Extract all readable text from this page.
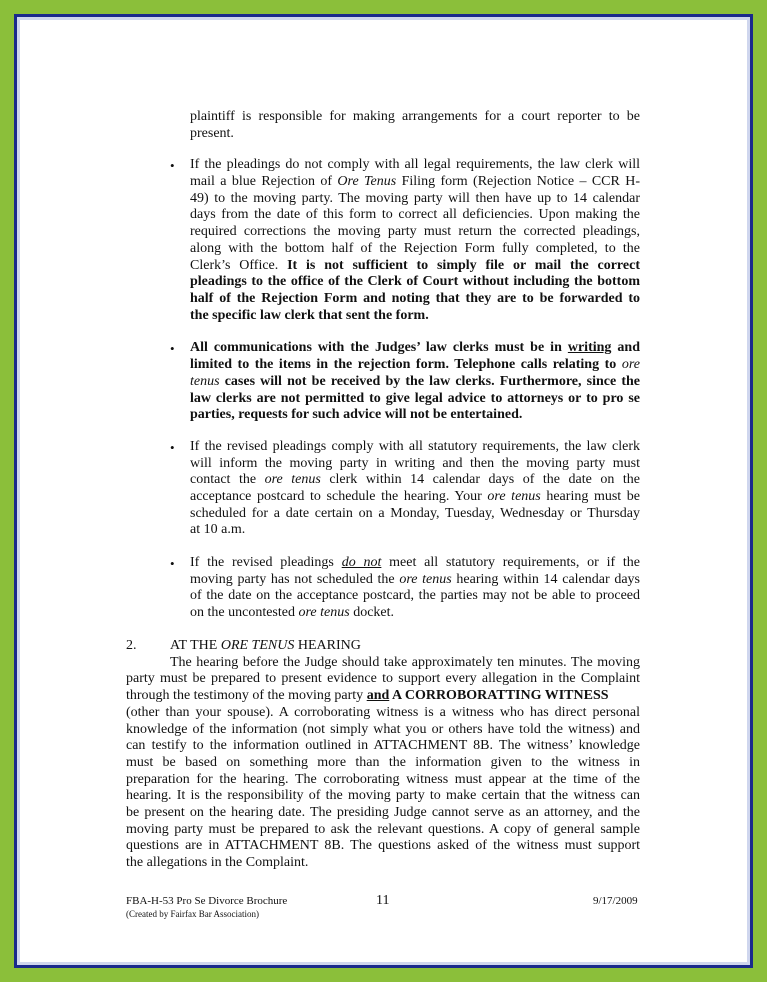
plaintiff is responsible for making arrangements for a court reporter to be
present.
• If the pleadings do not comply with all legal requirements, the law clerk will
mail a blue Rejection of Ore Tenus Filing form (Rejection Notice – CCR H-
49) to the moving party. The moving party will then have up to 14 calendar
days from the date of this form to correct all deficiencies. Upon making the
required corrections the moving party must return the corrected pleadings,
along with the bottom half of the Rejection Form fully completed, to the
Clerk’s Office. It is not sufficient to simply file or mail the correct
pleadings to the office of the Clerk of Court without including the bottom
half of the Rejection Form and noting that they are to be forwarded to
the specific law clerk that sent the form.
• All communications with the Judges’ law clerks must be in writing and
limited to the items in the rejection form. Telephone calls relating to ore
tenus cases will not be received by the law clerks. Furthermore, since the
law clerks are not permitted to give legal advice to attorneys or to pro se
parties, requests for such advice will not be entertained.
• If the revised pleadings comply with all statutory requirements, the law clerk
will inform the moving party in writing and then the moving party must
contact the ore tenus clerk within 14 calendar days of the date on the
acceptance postcard to schedule the hearing. Your ore tenus hearing must be
scheduled for a date certain on a Monday, Tuesday, Wednesday or Thursday
at 10 a.m.
• If the revised pleadings do not meet all statutory requirements, or if the
moving party has not scheduled the ore tenus hearing within 14 calendar days
of the date on the acceptance postcard, the parties may not be able to proceed
on the uncontested ore tenus docket.
2. AT THE ORE TENUS HEARING
The hearing before the Judge should take approximately ten minutes. The moving
party must be prepared to present evidence to support every allegation in the Complaint
through the testimony of the moving party and A CORROBORATTING WITNESS
(other than your spouse). A corroborating witness is a witness who has direct personal
knowledge of the information (not simply what you or others have told the witness) and
can testify to the information outlined in ATTACHMENT 8B. The witness’ knowledge
must be based on something more than the information given to the witness in
preparation for the hearing. The corroborating witness must appear at the time of the
hearing. It is the responsibility of the moving party to make certain that the witness can
be present on the hearing date. The presiding Judge cannot serve as an attorney, and the
moving party must be prepared to ask the relevant questions. A copy of general sample
questions are in ATTACHMENT 8B. The questions asked of the witness must support
the allegations in the Complaint.
FBA-H-53 Pro Se Divorce Brochure
(Created by Fairfax Bar Association)
11	9/17/2009
